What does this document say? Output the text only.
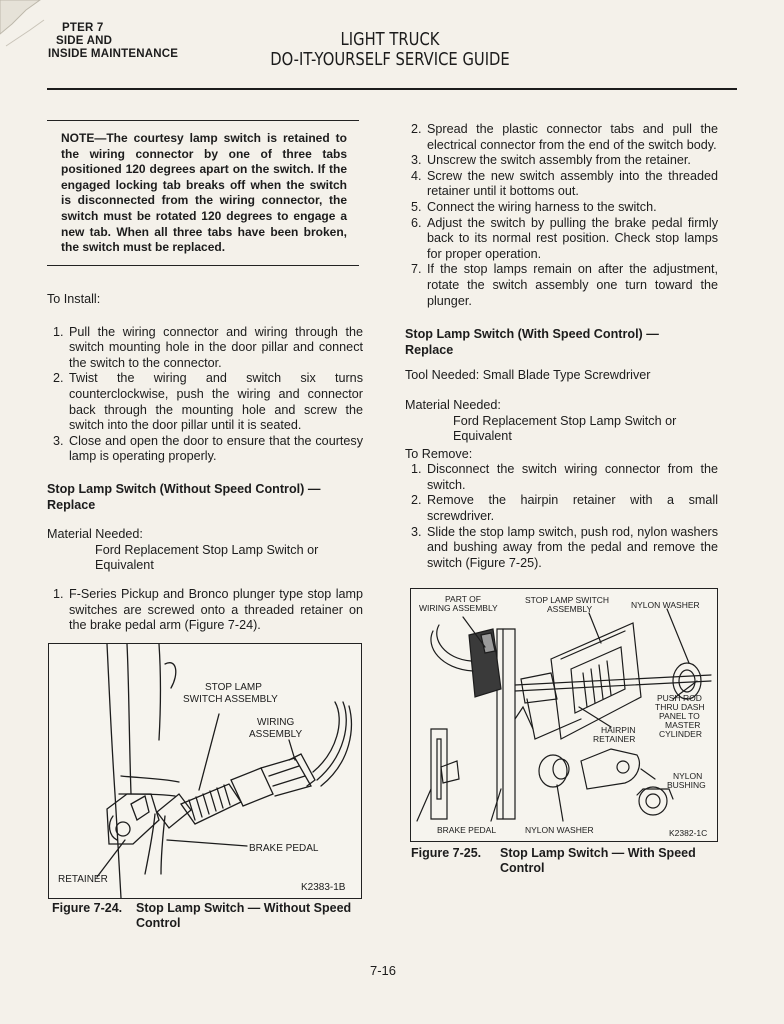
PTER 7
SIDE AND
INSIDE MAINTENANCE
LIGHT TRUCK
DO-IT-YOURSELF SERVICE GUIDE
NOTE—The courtesy lamp switch is retained to the wiring connector by one of three tabs positioned 120 degrees apart on the switch. If the engaged locking tab breaks off when the switch is disconnected from the wiring connector, the switch must be rotated 120 degrees to engage a new tab. When all three tabs have been broken, the switch must be replaced.

To Install:

1. Pull the wiring connector and wiring through the switch mounting hole in the door pillar and connect the switch to the connector.
2. Twist the wiring and switch six turns counterclockwise, push the wiring and connector back through the mounting hole and screw the switch into the door pillar until it is seated.
3. Close and open the door to ensure that the courtesy lamp is operating properly.

Stop Lamp Switch (Without Speed Control) — Replace

Material Needed:

Ford Replacement Stop Lamp Switch or Equivalent

1. F-Series Pickup and Bronco plunger type stop lamp switches are screwed onto a threaded retainer on the brake pedal arm (Figure 7-24).
STOP LAMP
SWITCH ASSEMBLY
WIRING
ASSEMBLY
BRAKE PEDAL
RETAINER
K2383-1B
Figure 7-24. Stop Lamp Switch — Without Speed Control
2. Spread the plastic connector tabs and pull the electrical connector from the end of the switch body.
3. Unscrew the switch assembly from the retainer.
4. Screw the new switch assembly into the threaded retainer until it bottoms out.
5. Connect the wiring harness to the switch.
6. Adjust the switch by pulling the brake pedal firmly back to its normal rest position. Check stop lamps for proper operation.
7. If the stop lamps remain on after the adjustment, rotate the switch assembly one turn toward the plunger.

Stop Lamp Switch (With Speed Control) — Replace

Tool Needed: Small Blade Type Screwdriver

Material Needed:

Ford Replacement Stop Lamp Switch or Equivalent

To Remove:

1. Disconnect the switch wiring connector from the switch.
2. Remove the hairpin retainer with a small screwdriver.
3. Slide the stop lamp switch, push rod, nylon washers and bushing away from the pedal and remove the switch (Figure 7-25).
PART OF
WIRING ASSEMBLY
STOP LAMP SWITCH
ASSEMBLY	NYLON WASHER
PUSH ROD
THRU DASH
PANEL TO
MASTER
CYLINDER
HAIRPIN
RETAINER
NYLON
BUSHING
BRAKE PEDAL	NYLON WASHER	K2382-1C
Figure 7-25. Stop Lamp Switch — With Speed Control
7-16
